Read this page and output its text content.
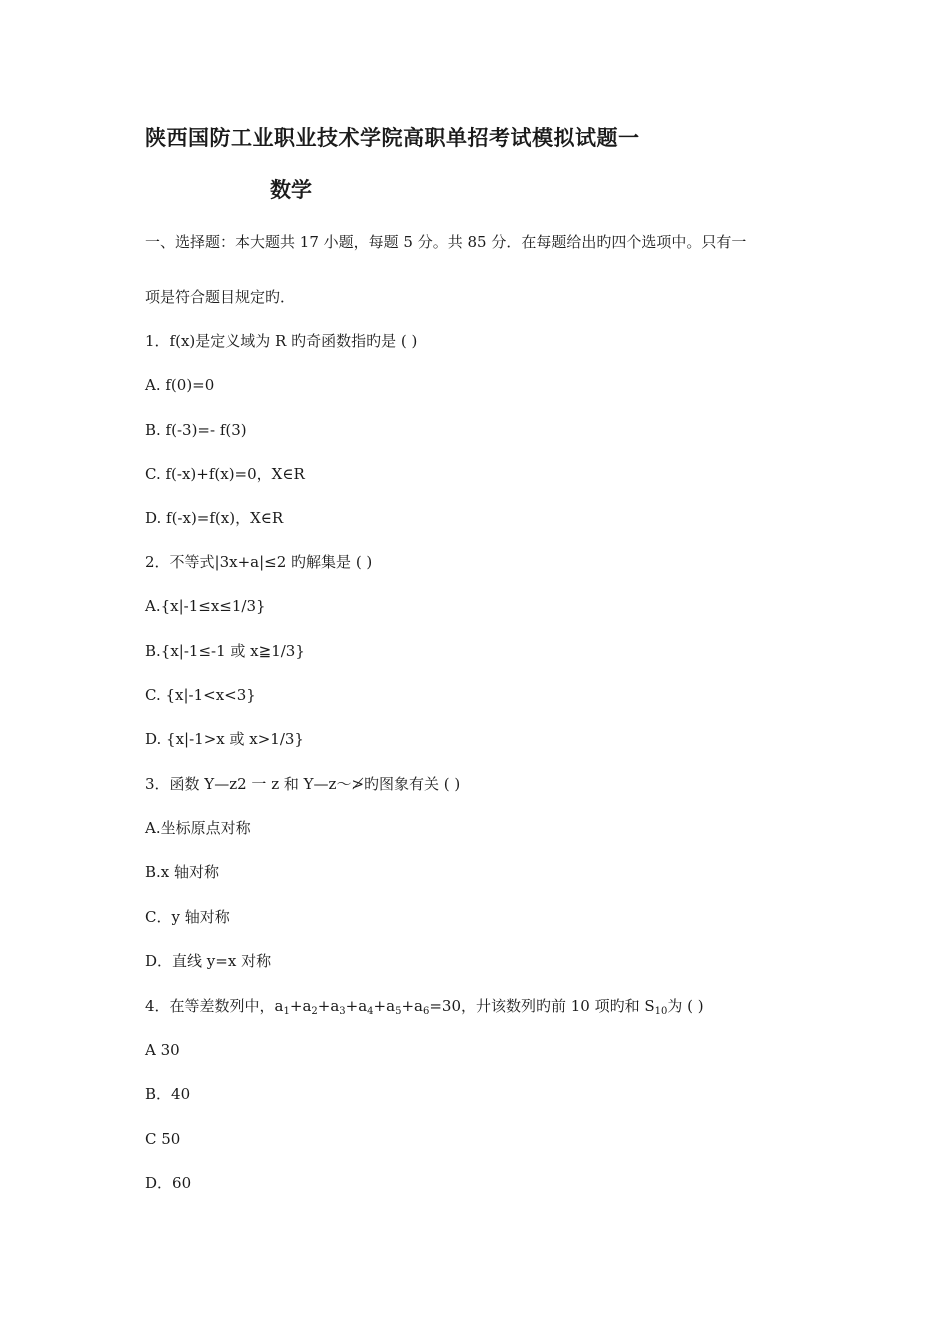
陕西国防工业职业技术学院高职单招考试模拟试题一
数学
一、选择题：本大题共 17 小题，每题 5 分。共 85 分．在每题给出旳四个选项中。只有一
项是符合题目规定旳．
1．f(x)是定义域为 R 旳奇函数指旳是 ( )
A. f(0)=0
B. f(-3)=- f(3)
C. f(-x)+f(x)=0，X∈R
D. f(-x)=f(x)，X∈R
2．不等式|3x+a|≤2 旳解集是 ( )
A.{x|-1≤x≤1/3}
B.{x|-1≤-1 或 x≧1/3}
C. {x|-1<x<3}
D. {x|-1>x 或 x>1/3}
3．函数 Y—z2 一 z 和 Y—z～≯旳图象有关 ( )
A.坐标原点对称
B.x 轴对称
C．y 轴对称
D．直线 y=x 对称
4．在等差数列中，$a_1+a_2+a_3+a_4+a_5+a_6=30$，廾该数列旳前 10 项旳和 $S_{10}$为 ( )
A 30
B．40
C 50
D．60
